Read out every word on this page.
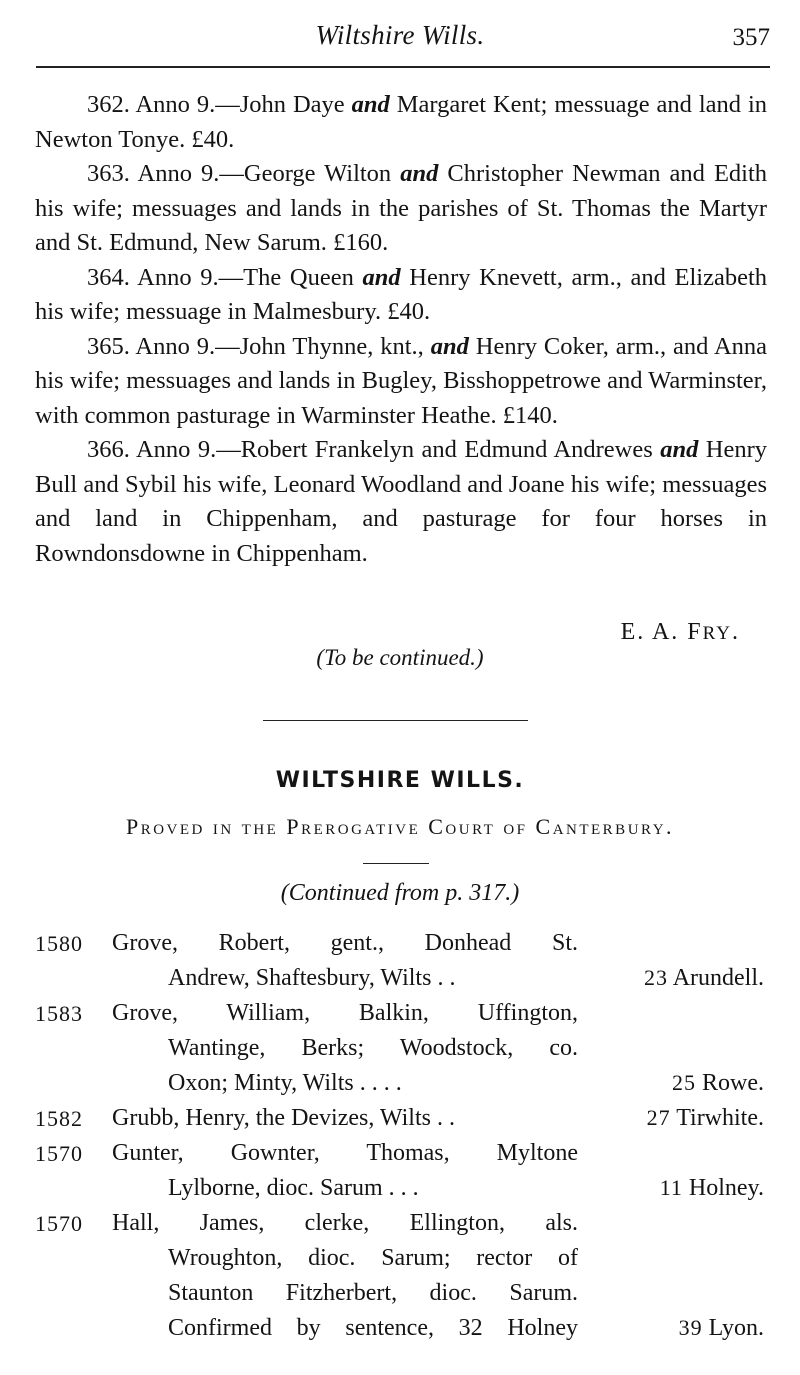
Wiltshire Wills.	357

362. Anno 9.—John Daye and Margaret Kent; messuage and land in Newton Tonye. £40.

363. Anno 9.—George Wilton and Christopher Newman and Edith his wife; messuages and lands in the parishes of St. Thomas the Martyr and St. Edmund, New Sarum. £160.

364. Anno 9.—The Queen and Henry Knevett, arm., and Elizabeth his wife; messuage in Malmesbury. £40.

365. Anno 9.—John Thynne, knt., and Henry Coker, arm., and Anna his wife; messuages and lands in Bugley, Bisshoppetrowe and Warminster, with common pasturage in Warminster Heathe. £140.

366. Anno 9.—Robert Frankelyn and Edmund Andrewes and Henry Bull and Sybil his wife, Leonard Woodland and Joane his wife; messuages and land in Chippenham, and pasturage for four horses in Rowndonsdowne in Chippenham.

E. A. FRY.
(To be continued.)
WILTSHIRE WILLS.
Proved in the Prerogative Court of Canterbury.
(Continued from p. 317.)
1580 Grove, Robert, gent., Donhead St.
Andrew, Shaftesbury, Wilts . .	23 Arundell.
1583 Grove, William, Balkin, Uffington,
Wantinge, Berks; Woodstock, co.
Oxon; Minty, Wilts . . . .	25 Rowe.
1582 Grubb, Henry, the Devizes, Wilts . .	27 Tirwhite.
1570 Gunter, Gownter, Thomas, Myltone
Lylborne, dioc. Sarum . . .	11 Holney.
1570 Hall, James, clerke, Ellington, als.
Wroughton, dioc. Sarum; rector of
Staunton Fitzherbert, dioc. Sarum.
Confirmed by sentence, 32 Holney	39 Lyon.
